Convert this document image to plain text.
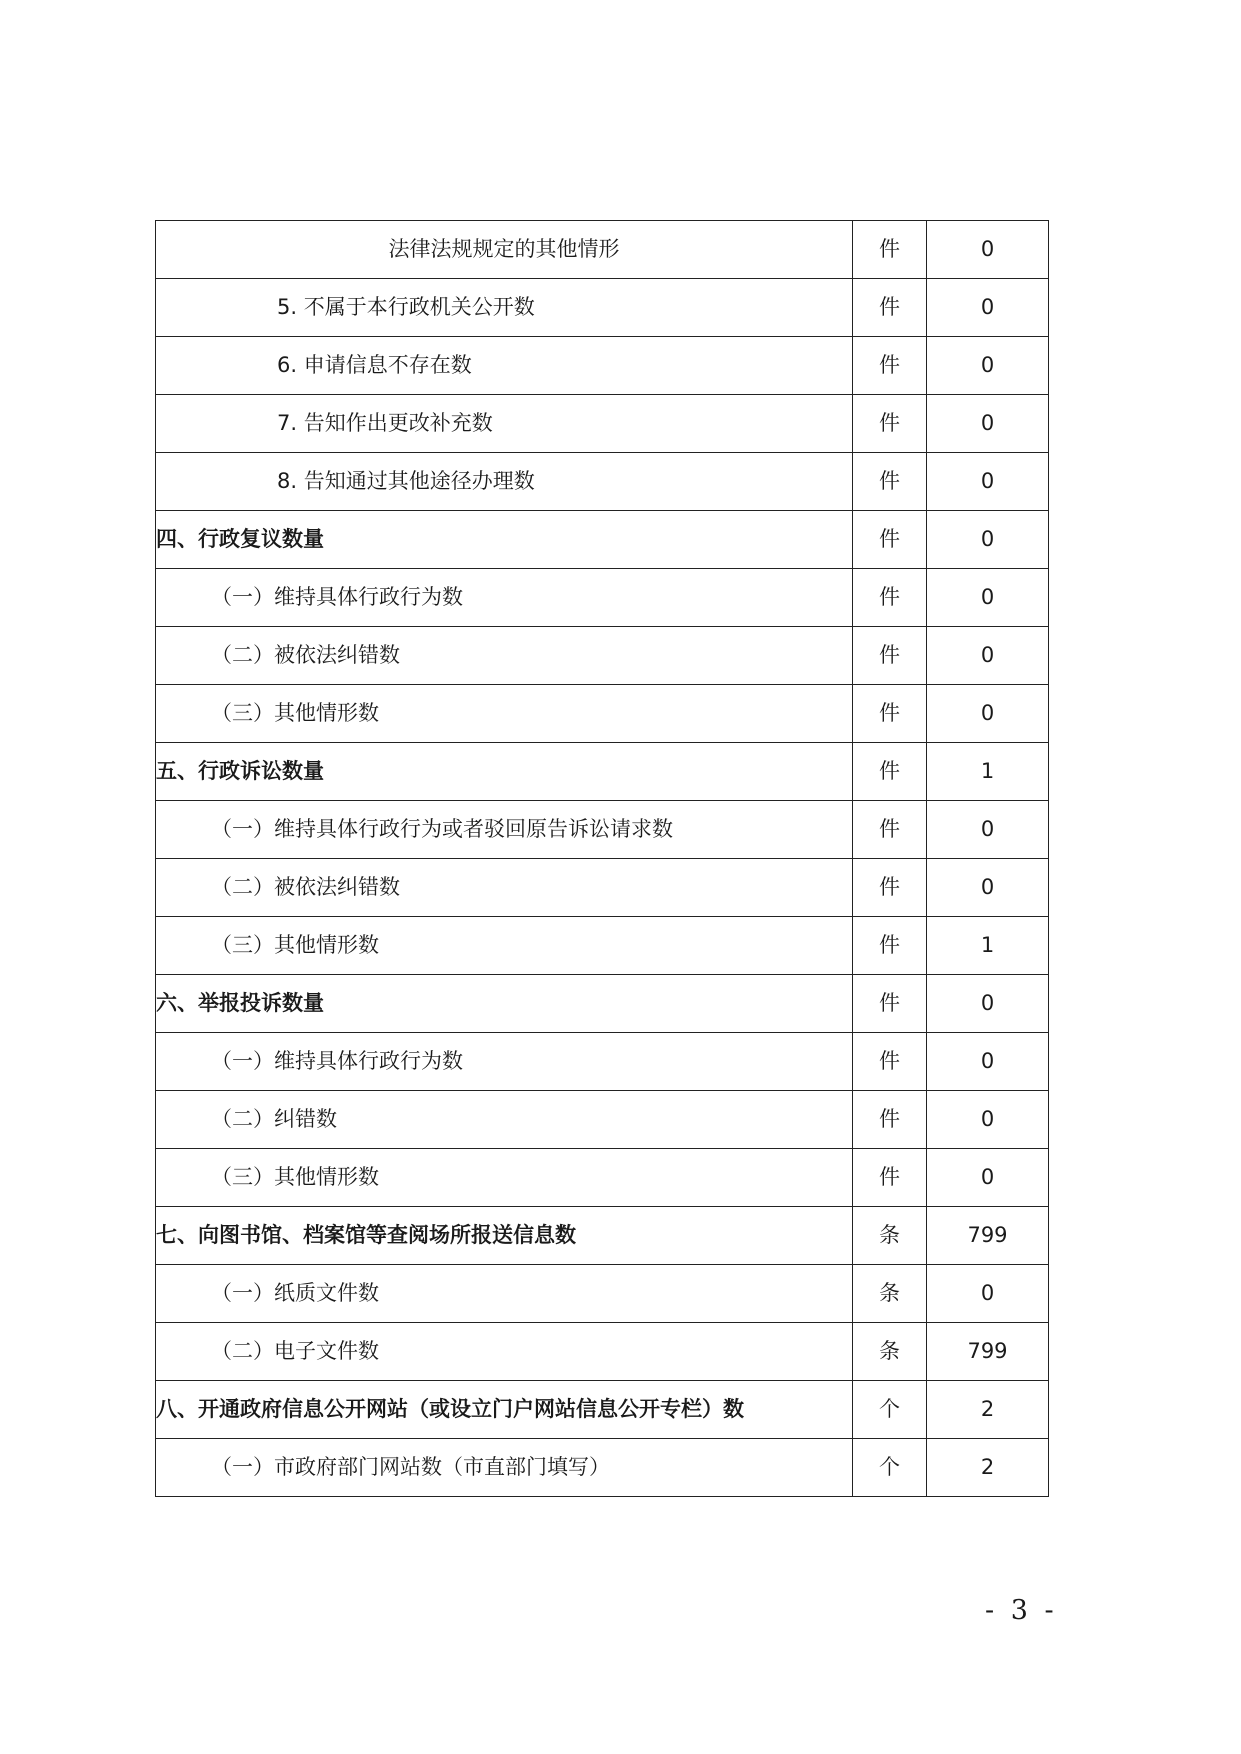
法律法规规定的其他情形	件	0
5. 不属于本行政机关公开数	件	0
6. 申请信息不存在数	件	0
7. 告知作出更改补充数	件	0
8. 告知通过其他途径办理数	件	0
四、行政复议数量	件	0
（一）维持具体行政行为数	件	0
（二）被依法纠错数	件	0
（三）其他情形数	件	0
五、行政诉讼数量	件	1
（一）维持具体行政行为或者驳回原告诉讼请求数	件	0
（二）被依法纠错数	件	0
（三）其他情形数	件	1
六、举报投诉数量	件	0
（一）维持具体行政行为数	件	0
（二）纠错数	件	0
（三）其他情形数	件	0
七、向图书馆、档案馆等查阅场所报送信息数	条	799
（一）纸质文件数	条	0
（二）电子文件数	条	799
八、开通政府信息公开网站（或设立门户网站信息公开专栏）数	个	2
（一）市政府部门网站数（市直部门填写）	个	2
- 3 -
